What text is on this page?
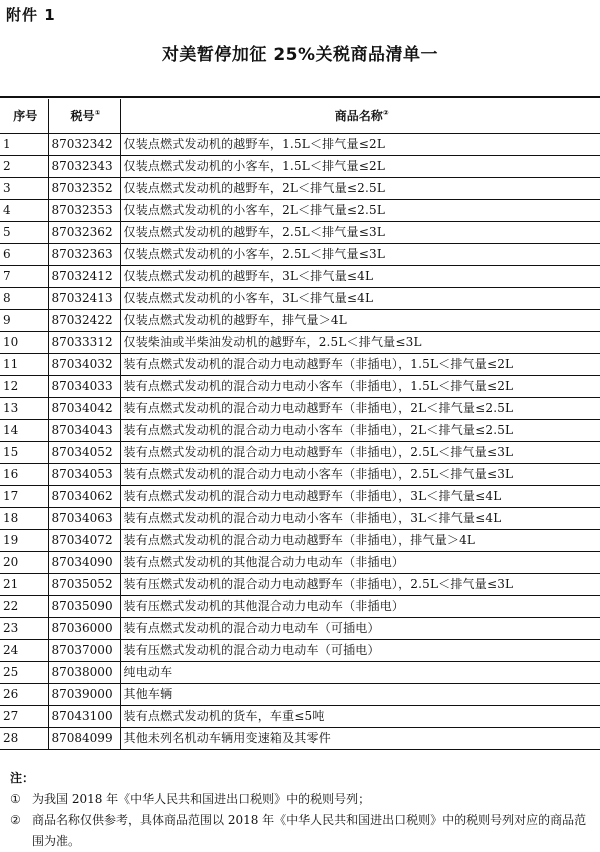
附件 1
对美暂停加征 25%关税商品清单一
序号	税号①	商品名称②
1	87032342	仅装点燃式发动机的越野车，1.5L＜排气量≤2L
2	87032343	仅装点燃式发动机的小客车，1.5L＜排气量≤2L
3	87032352	仅装点燃式发动机的越野车，2L＜排气量≤2.5L
4	87032353	仅装点燃式发动机的小客车，2L＜排气量≤2.5L
5	87032362	仅装点燃式发动机的越野车，2.5L＜排气量≤3L
6	87032363	仅装点燃式发动机的小客车，2.5L＜排气量≤3L
7	87032412	仅装点燃式发动机的越野车，3L＜排气量≤4L
8	87032413	仅装点燃式发动机的小客车，3L＜排气量≤4L
9	87032422	仅装点燃式发动机的越野车，排气量＞4L
10	87033312	仅装柴油或半柴油发动机的越野车，2.5L＜排气量≤3L
11	87034032	装有点燃式发动机的混合动力电动越野车（非插电），1.5L＜排气量≤2L
12	87034033	装有点燃式发动机的混合动力电动小客车（非插电），1.5L＜排气量≤2L
13	87034042	装有点燃式发动机的混合动力电动越野车（非插电），2L＜排气量≤2.5L
14	87034043	装有点燃式发动机的混合动力电动小客车（非插电），2L＜排气量≤2.5L
15	87034052	装有点燃式发动机的混合动力电动越野车（非插电），2.5L＜排气量≤3L
16	87034053	装有点燃式发动机的混合动力电动小客车（非插电），2.5L＜排气量≤3L
17	87034062	装有点燃式发动机的混合动力电动越野车（非插电），3L＜排气量≤4L
18	87034063	装有点燃式发动机的混合动力电动小客车（非插电），3L＜排气量≤4L
19	87034072	装有点燃式发动机的混合动力电动越野车（非插电），排气量＞4L
20	87034090	装有点燃式发动机的其他混合动力电动车（非插电）
21	87035052	装有压燃式发动机的混合动力电动越野车（非插电），2.5L＜排气量≤3L
22	87035090	装有压燃式发动机的其他混合动力电动车（非插电）
23	87036000	装有点燃式发动机的混合动力电动车（可插电）
24	87037000	装有压燃式发动机的混合动力电动车（可插电）
25	87038000	纯电动车
26	87039000	其他车辆
27	87043100	装有点燃式发动机的货车，车重≤5吨
28	87084099	其他未列名机动车辆用变速箱及其零件
注：
① 为我国 2018 年《中华人民共和国进出口税则》中的税则号列；
② 商品名称仅供参考，具体商品范围以 2018 年《中华人民共和国进出口税则》中的税则号列对应的商品范围为准。
